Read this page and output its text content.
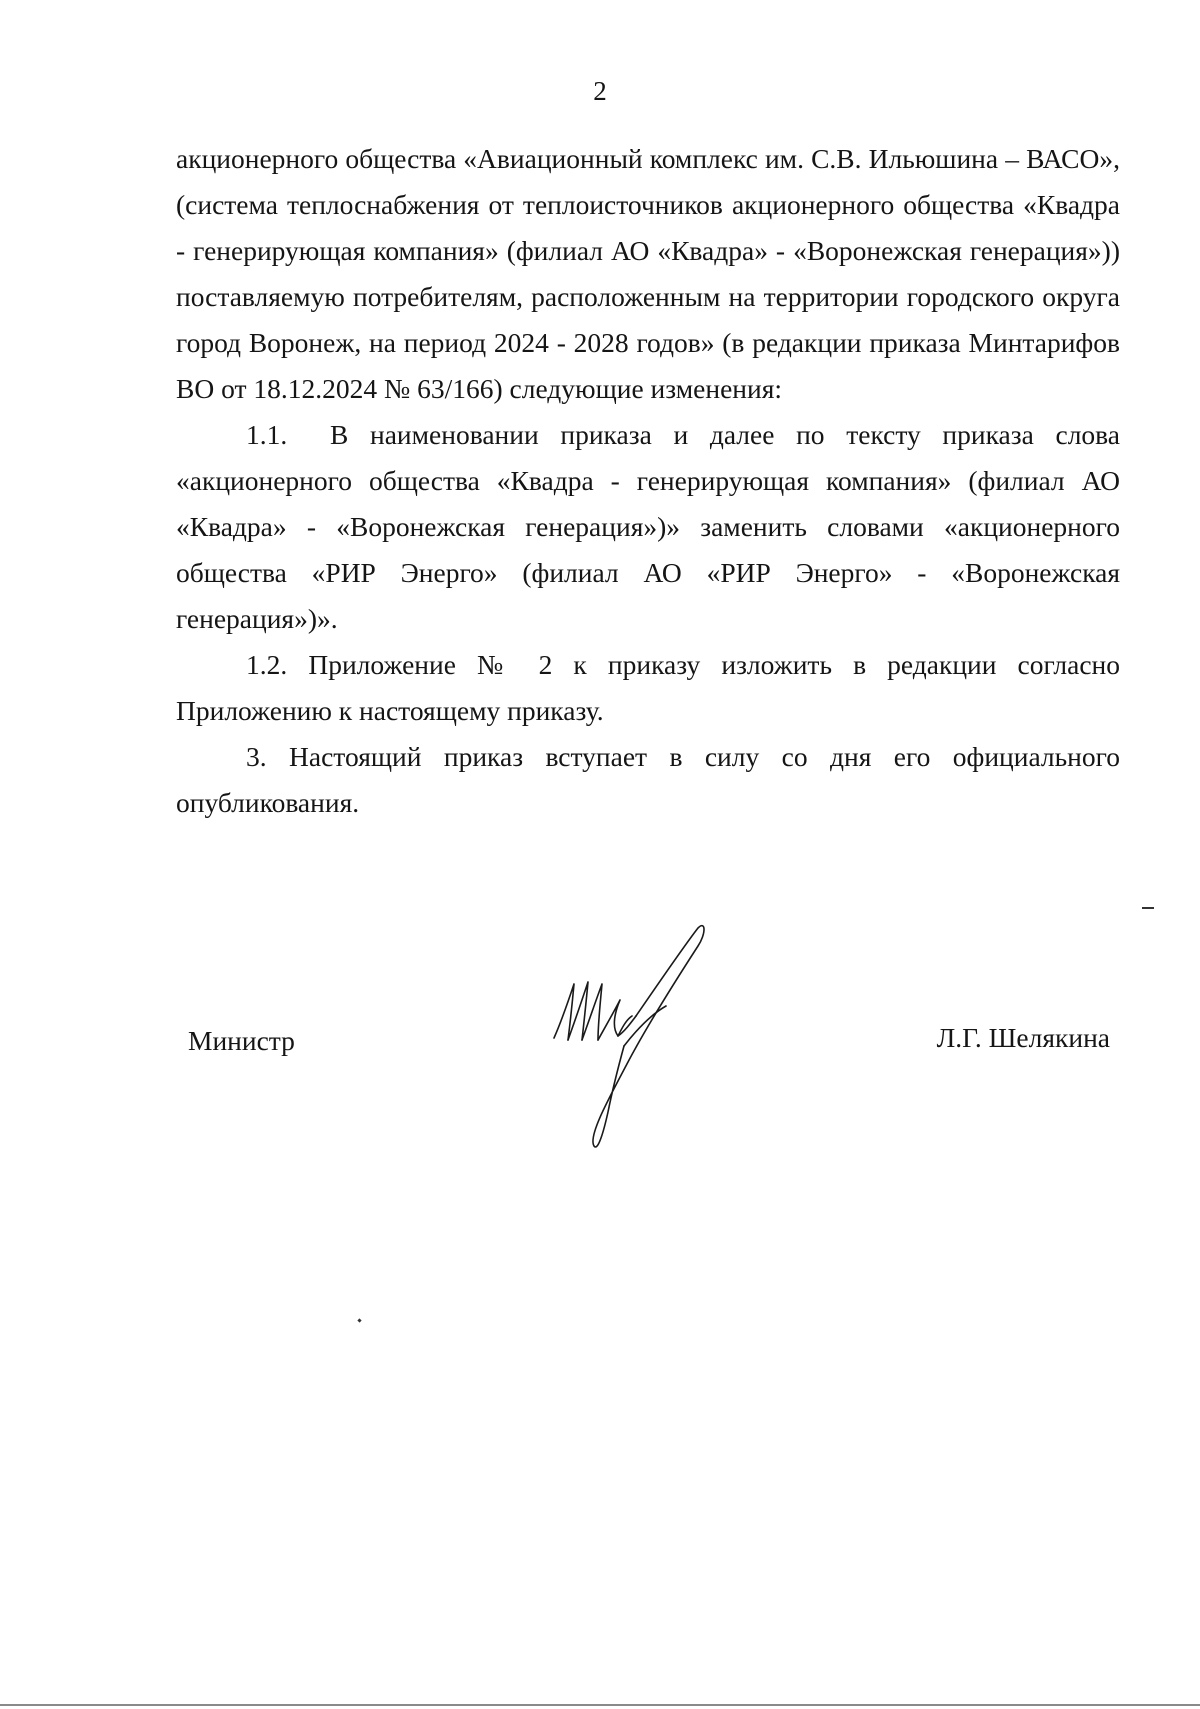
2

акционерного общества «Авиационный комплекс им. С.В. Ильюшина – ВАСО», (система теплоснабжения от теплоисточников акционерного общества «Квадра - генерирующая компания» (филиал АО «Квадра» - «Воронежская генерация»)) поставляемую потребителям, расположенным на территории городского округа город Воронеж, на период 2024 - 2028 годов» (в редакции приказа Минтарифов ВО от 18.12.2024 № 63/166) следующие изменения:

1.1. В наименовании приказа и далее по тексту приказа слова «акционерного общества «Квадра - генерирующая компания» (филиал АО «Квадра» - «Воронежская генерация»)» заменить словами «акционерного общества «РИР Энерго» (филиал АО «РИР Энерго» - «Воронежская генерация»)».

1.2. Приложение № 2 к приказу изложить в редакции согласно Приложению к настоящему приказу.

3. Настоящий приказ вступает в силу со дня его официального опубликования.

Министр	Л.Г. Шелякина
